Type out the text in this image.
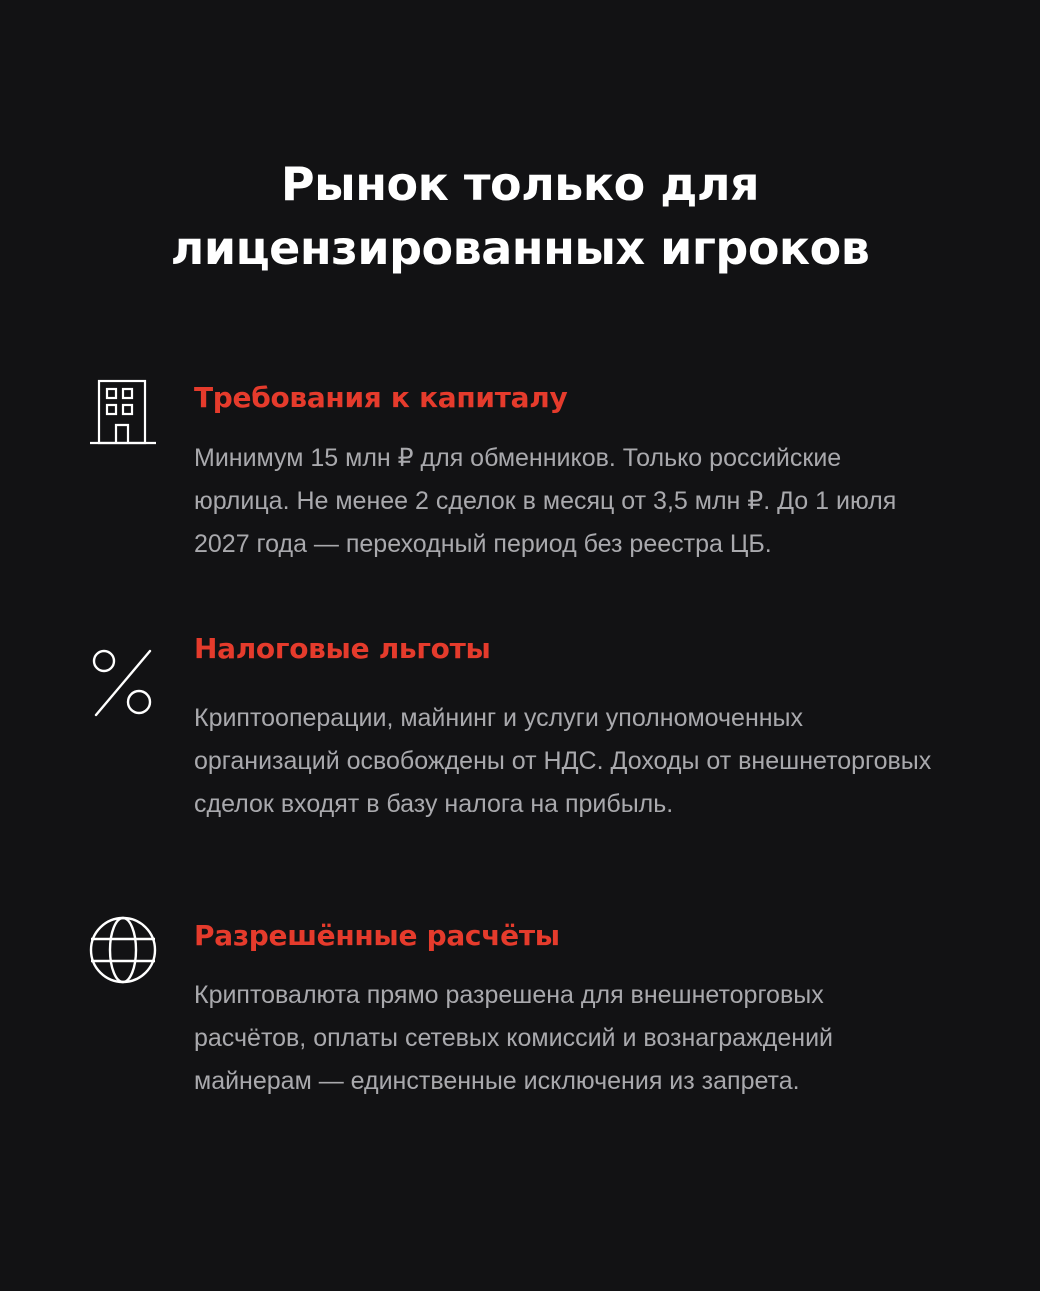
Рынок только для
лицензированных игроков
Требования к капиталу

Минимум 15 млн ₽ для обменников. Только российские юрлица. Не менее 2 сделок в месяц от 3,5 млн ₽. До 1 июля 2027 года — переходный период без реестра ЦБ.

Налоговые льготы

Криптооперации, майнинг и услуги уполномоченных организаций освобождены от НДС. Доходы от внешнеторговых сделок входят в базу налога на прибыль.

Разрешённые расчёты

Криптовалюта прямо разрешена для внешнеторговых расчётов, оплаты сетевых комиссий и вознаграждений майнерам — единственные исключения из запрета.
